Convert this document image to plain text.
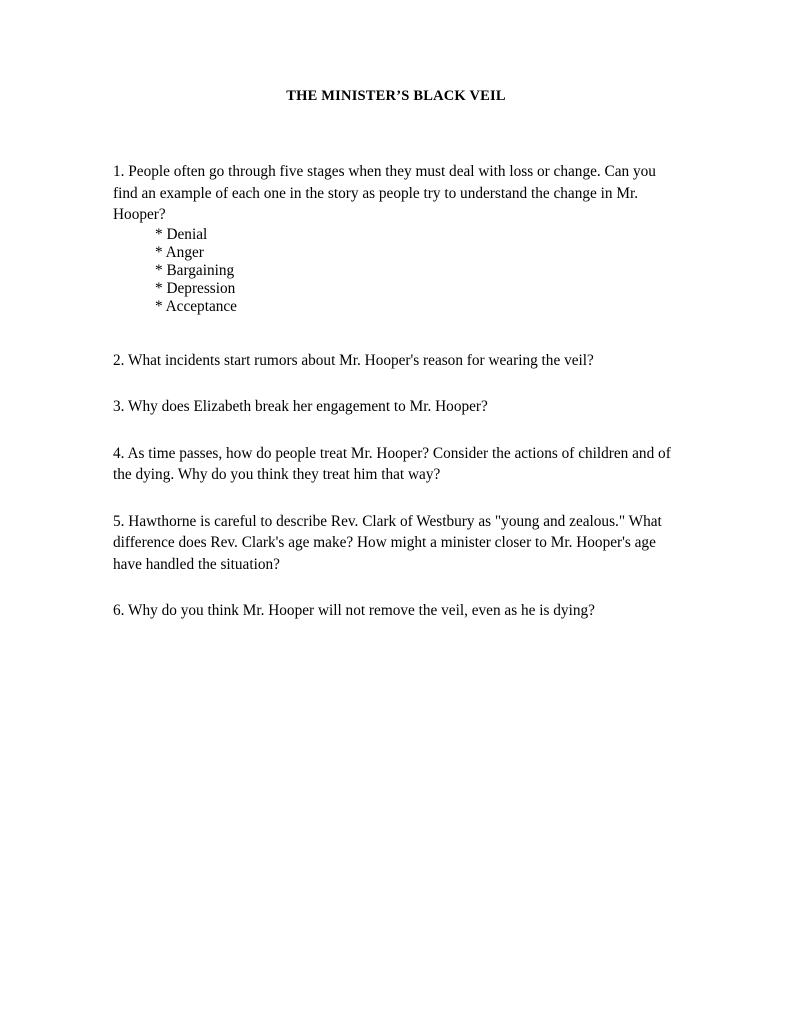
THE MINISTER’S BLACK VEIL

1. People often go through five stages when they must deal with loss or change. Can you find an example of each one in the story as people try to understand the change in Mr. Hooper?

* Denial
* Anger
* Bargaining
* Depression
* Acceptance

2. What incidents start rumors about Mr. Hooper's reason for wearing the veil?

3. Why does Elizabeth break her engagement to Mr. Hooper?

4. As time passes, how do people treat Mr. Hooper? Consider the actions of children and of the dying. Why do you think they treat him that way?

5. Hawthorne is careful to describe Rev. Clark of Westbury as "young and zealous." What difference does Rev. Clark's age make? How might a minister closer to Mr. Hooper's age have handled the situation?

6. Why do you think Mr. Hooper will not remove the veil, even as he is dying?
